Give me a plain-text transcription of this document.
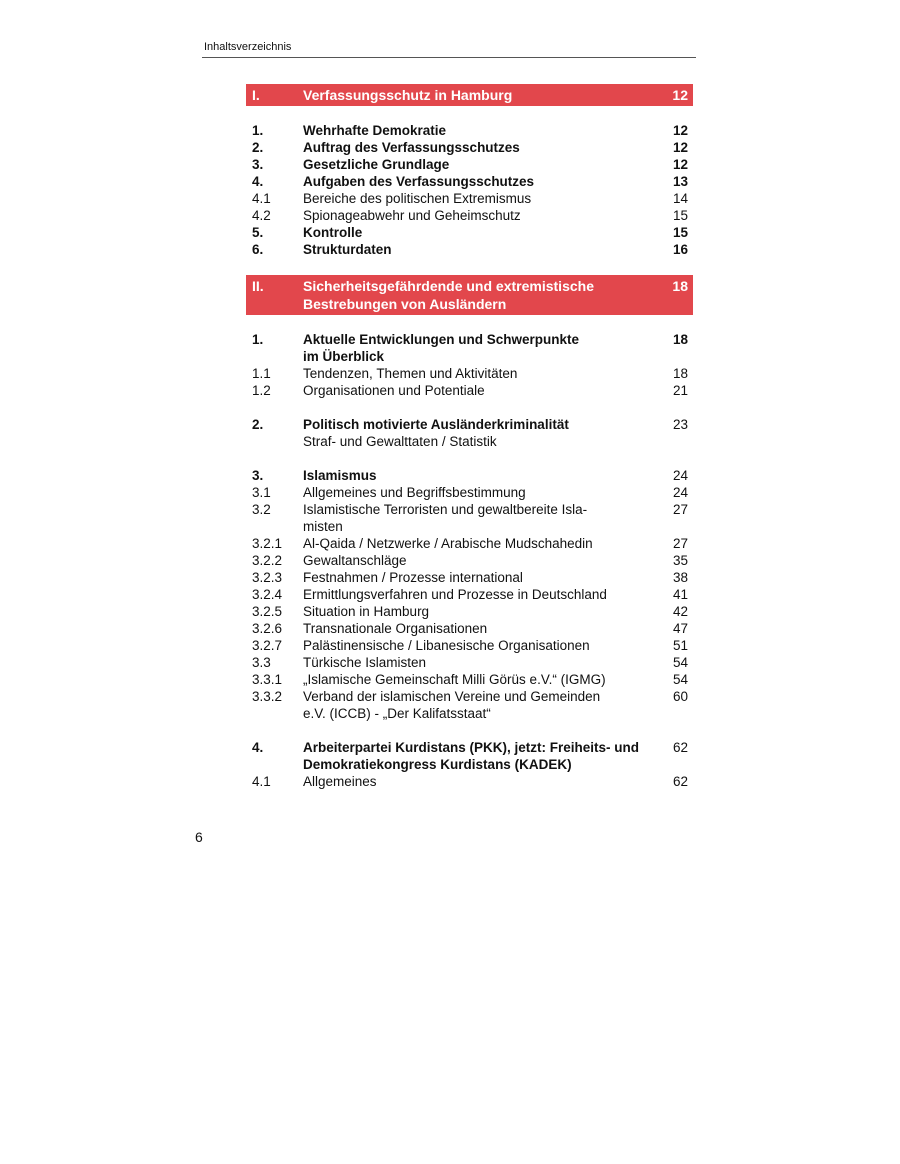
Inhaltsverzeichnis
I.	Verfassungsschutz in Hamburg	12
1.	Wehrhafte Demokratie	12
2.	Auftrag des Verfassungsschutzes	12
3.	Gesetzliche Grundlage	12
4.	Aufgaben des Verfassungsschutzes	13
4.1	Bereiche des politischen Extremismus	14
4.2	Spionageabwehr und Geheimschutz	15
5.	Kontrolle	15
6.	Strukturdaten	16
II.	Sicherheitsgefährdende und extremistische
Bestrebungen von Ausländern
18
1.	Aktuelle Entwicklungen und Schwerpunkte
im Überblick
18
1.1	Tendenzen, Themen und Aktivitäten	18
1.2	Organisationen und Potentiale	21
2.	Politisch motivierte Ausländerkriminalität
Straf- und Gewalttaten / Statistik
23
3.	Islamismus	24
3.1	Allgemeines und Begriffsbestimmung	24
3.2	Islamistische Terroristen und gewaltbereite Isla-
misten
27
3.2.1	Al-Qaida / Netzwerke / Arabische Mudschahedin	27
3.2.2	Gewaltanschläge	35
3.2.3	Festnahmen / Prozesse international	38
3.2.4	Ermittlungsverfahren und Prozesse in Deutschland	41
3.2.5	Situation in Hamburg	42
3.2.6	Transnationale Organisationen	47
3.2.7	Palästinensische / Libanesische Organisationen	51
3.3	Türkische Islamisten	54
3.3.1	„Islamische Gemeinschaft Milli Görüs e.V.“ (IGMG)	54
3.3.2	Verband der islamischen Vereine und Gemeinden
e.V. (ICCB) - „Der Kalifatsstaat“
60
4.	Arbeiterpartei Kurdistans (PKK), jetzt: Freiheits- und
Demokratiekongress Kurdistans (KADEK)
62
4.1	Allgemeines	62
6
